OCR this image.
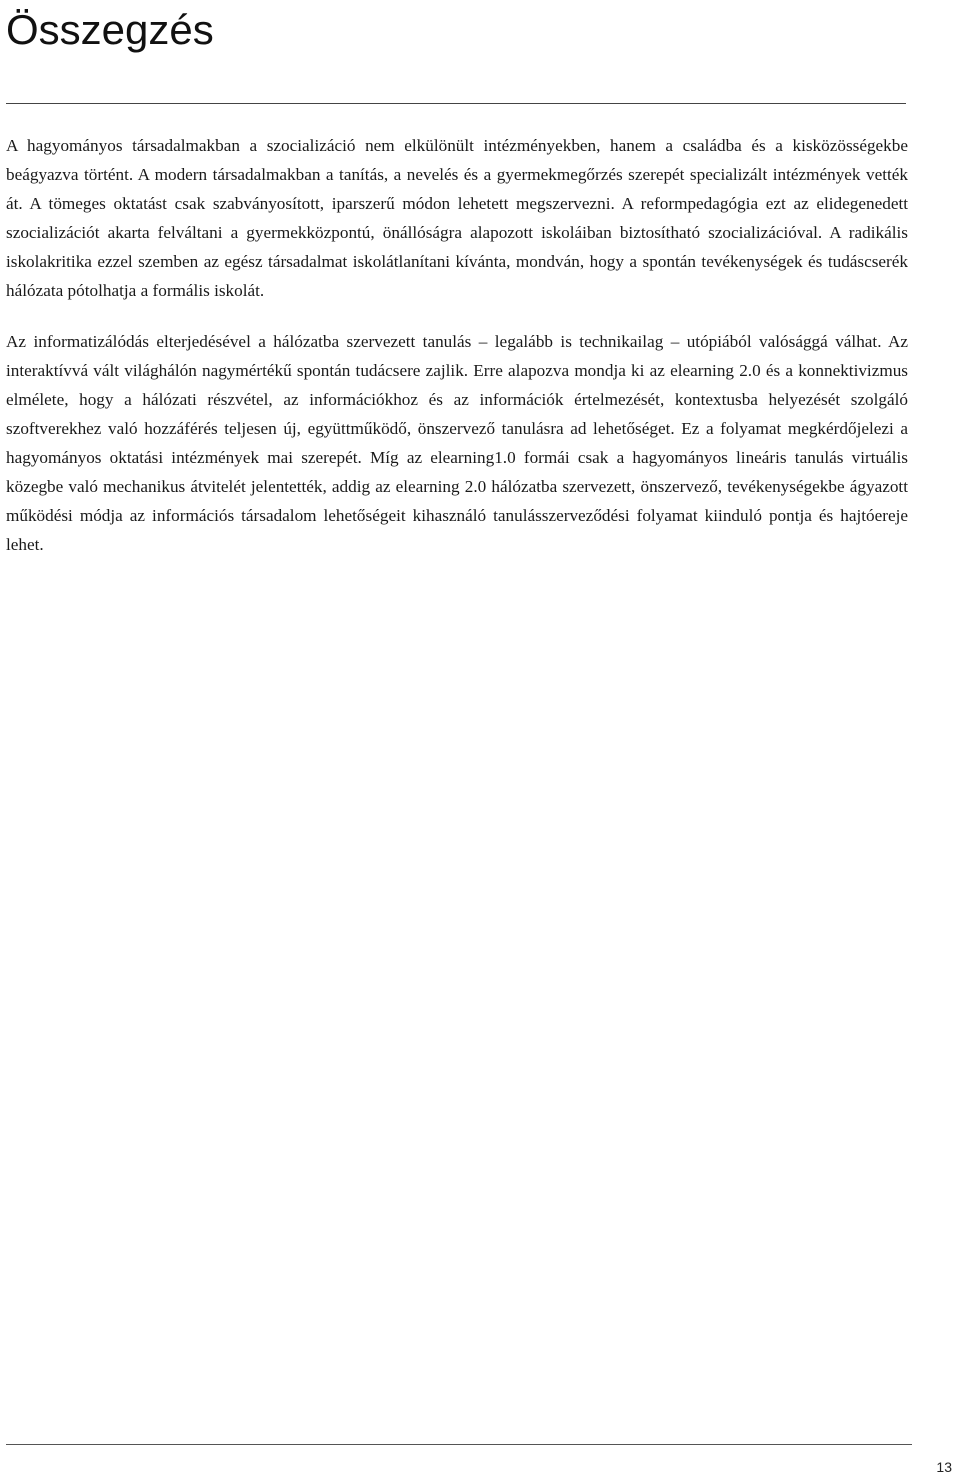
Összegzés

A hagyományos társadalmakban a szocializáció nem elkülönült intézményekben, hanem a családba és a kisközösségekbe beágyazva történt. A modern társadalmakban a tanítás, a nevelés és a gyermekmegőrzés szerepét specializált intézmények vették át. A tömeges oktatást csak szabványosított, iparszerű módon lehetett megszervezni. A reformpedagógia ezt az elidegenedett szocializációt akarta felváltani a gyermekközpontú, önállóságra alapozott iskoláiban biztosítható szocializációval. A radikális iskolakritika ezzel szemben az egész társadalmat iskolátlanítani kívánta, mondván, hogy a spontán tevékenységek és tudáscserék hálózata pótolhatja a formális iskolát.

Az informatizálódás elterjedésével a hálózatba szervezett tanulás – legalább is technikailag – utópiából valósággá válhat. Az interaktívvá vált világhálón nagymértékű spontán tudácsere zajlik. Erre alapozva mondja ki az elearning 2.0 és a konnektivizmus elmélete, hogy a hálózati részvétel, az információkhoz és az információk értelmezését, kontextusba helyezését szolgáló szoftverekhez való hozzáférés teljesen új, együttműködő, önszervező tanulásra ad lehetőséget. Ez a folyamat megkérdőjelezi a hagyományos oktatási intézmények mai szerepét. Míg az elearning1.0 formái csak a hagyományos lineáris tanulás virtuális közegbe való mechanikus átvitelét jelentették, addig az elearning 2.0 hálózatba szervezett, önszervező, tevékenységekbe ágyazott működési módja az információs társadalom lehetőségeit kihasználó tanulásszerveződési folyamat kiinduló pontja és hajtóereje lehet.

13
